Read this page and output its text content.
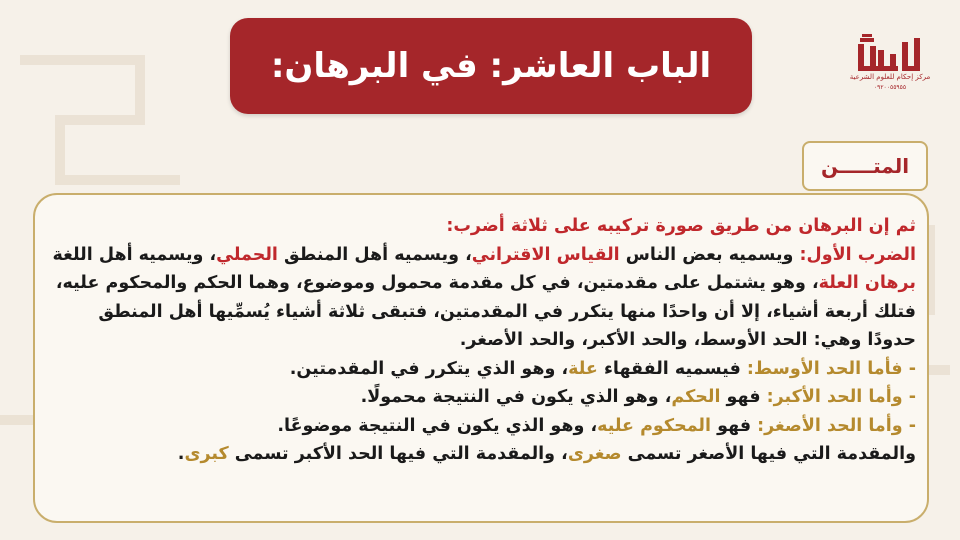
الباب العاشر: في البرهان:	مركز إحكام للعلوم الشرعية
٠٩٢٠٠٥٥٩٥٥
المتـــــن

ثم إن البرهان من طريق صورة تركيبه على ثلاثة أضرب:

الضرب الأول: ويسميه بعض الناس القياس الاقتراني، ويسميه أهل المنطق الحملي، ويسميه أهل اللغة برهان العلة، وهو يشتمل على مقدمتين، في كل مقدمة محمول وموضوع، وهما الحكم والمحكوم عليه، فتلك أربعة أشياء، إلا أن واحدًا منها يتكرر في المقدمتين، فتبقى ثلاثة أشياء يُسمِّيها أهل المنطق حدودًا وهي: الحد الأوسط، والحد الأكبر، والحد الأصغر.

- فأما الحد الأوسط: فيسميه الفقهاء علة، وهو الذي يتكرر في المقدمتين.

- وأما الحد الأكبر: فهو الحكم، وهو الذي يكون في النتيجة محمولًا.

- وأما الحد الأصغر: فهو المحكوم عليه، وهو الذي يكون في النتيجة موضوعًا.

والمقدمة التي فيها الأصغر تسمى صغرى، والمقدمة التي فيها الحد الأكبر تسمى كبرى.
